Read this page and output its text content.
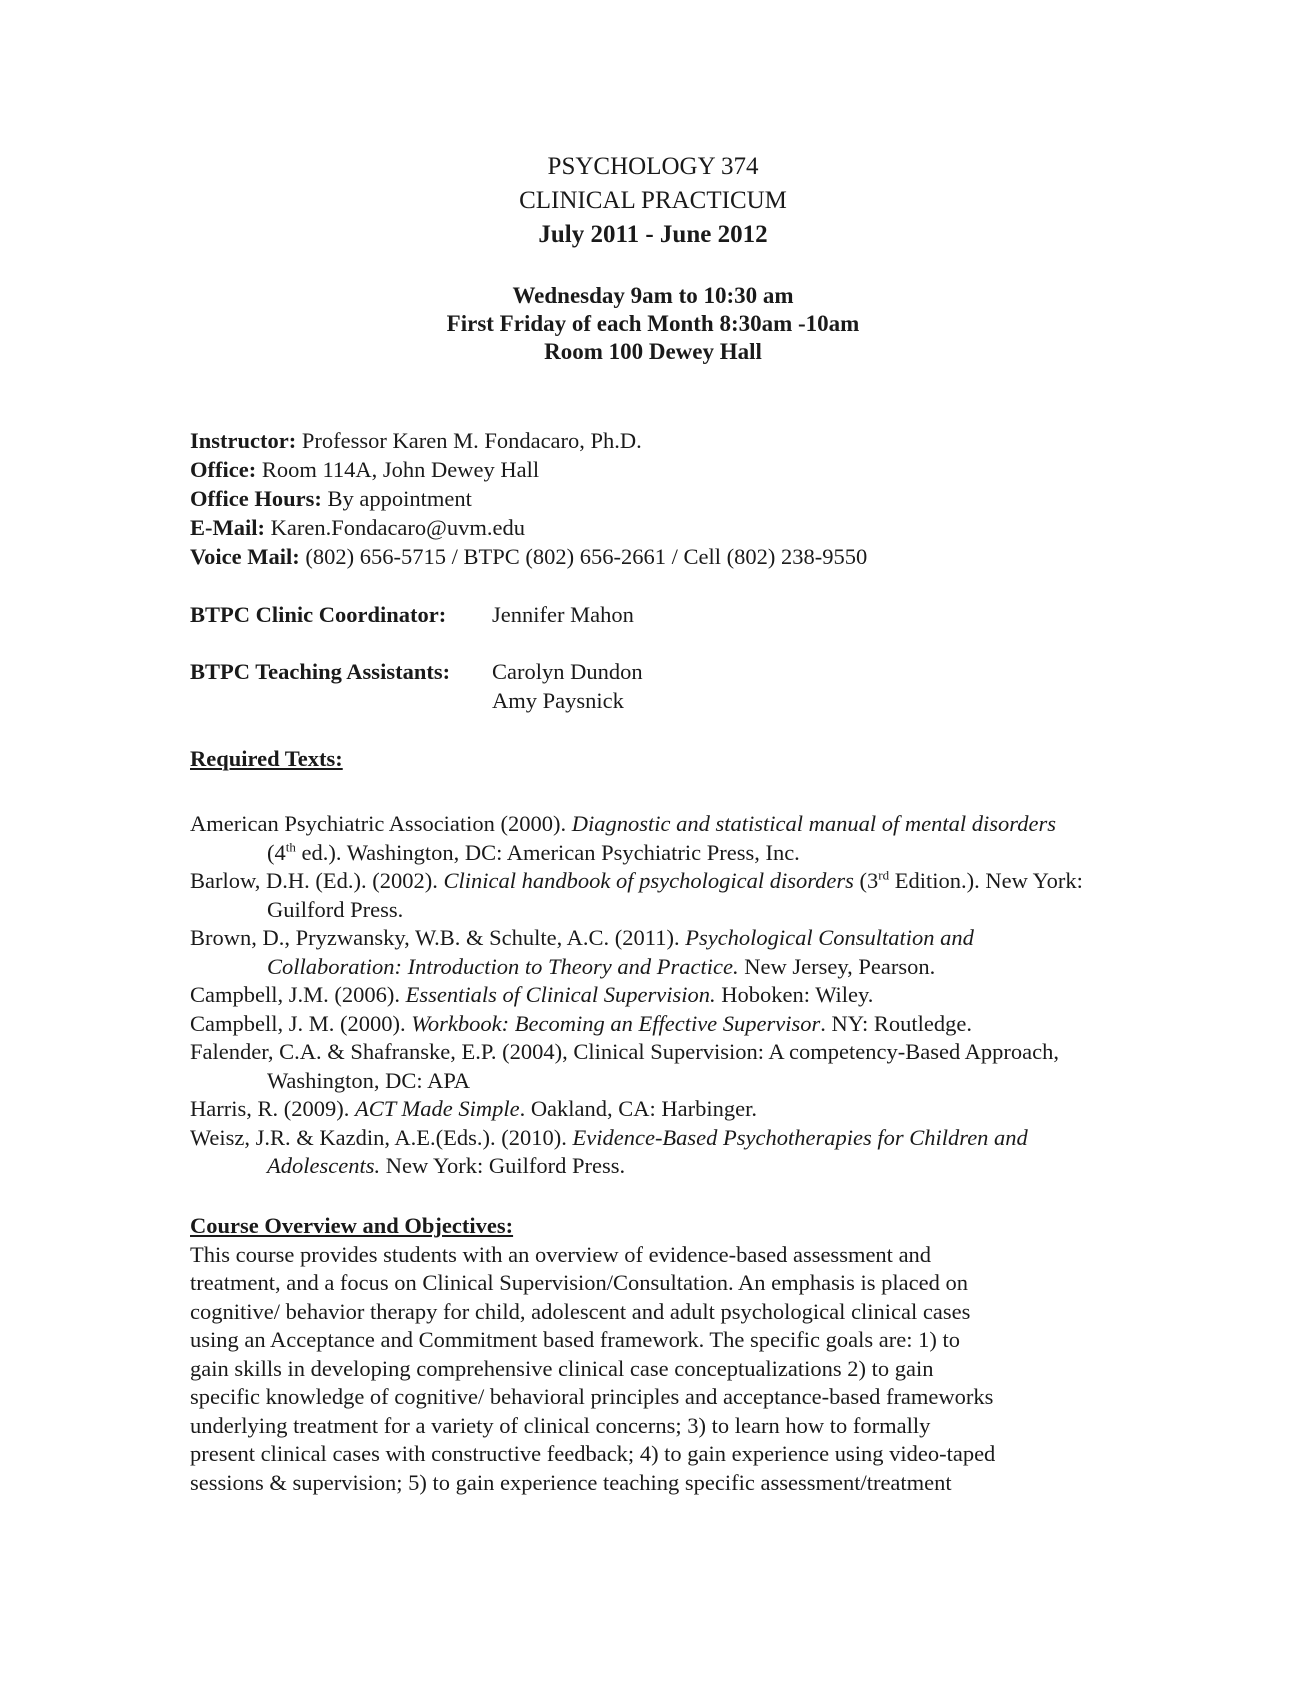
PSYCHOLOGY 374
CLINICAL PRACTICUM
July 2011 - June 2012
Wednesday 9am to 10:30 am
First Friday of each Month 8:30am -10am
Room 100 Dewey Hall
Instructor: Professor Karen M. Fondacaro, Ph.D.
Office: Room 114A, John Dewey Hall
Office Hours: By appointment
E-Mail: Karen.Fondacaro@uvm.edu
Voice Mail: (802) 656-5715 / BTPC (802) 656-2661 / Cell (802) 238-9550
BTPC Clinic Coordinator: Jennifer Mahon
BTPC Teaching Assistants: Carolyn Dundon
Amy Paysnick
Required Texts:
American Psychiatric Association (2000). Diagnostic and statistical manual of mental disorders (4th ed.). Washington, DC: American Psychiatric Press, Inc.
Barlow, D.H. (Ed.). (2002). Clinical handbook of psychological disorders (3rd Edition.). New York: Guilford Press.
Brown, D., Pryzwansky, W.B. & Schulte, A.C. (2011). Psychological Consultation and Collaboration: Introduction to Theory and Practice. New Jersey, Pearson.
Campbell, J.M. (2006). Essentials of Clinical Supervision. Hoboken: Wiley.
Campbell, J. M. (2000). Workbook: Becoming an Effective Supervisor. NY: Routledge.
Falender, C.A. & Shafranske, E.P. (2004), Clinical Supervision: A competency-Based Approach, Washington, DC: APA
Harris, R. (2009). ACT Made Simple. Oakland, CA: Harbinger.
Weisz, J.R. & Kazdin, A.E.(Eds.). (2010). Evidence-Based Psychotherapies for Children and Adolescents. New York: Guilford Press.
Course Overview and Objectives:
This course provides students with an overview of evidence-based assessment and
treatment, and a focus on Clinical Supervision/Consultation. An emphasis is placed on
cognitive/ behavior therapy for child, adolescent and adult psychological clinical cases
using an Acceptance and Commitment based framework. The specific goals are: 1) to
gain skills in developing comprehensive clinical case conceptualizations 2) to gain
specific knowledge of cognitive/ behavioral principles and acceptance-based frameworks
underlying treatment for a variety of clinical concerns; 3) to learn how to formally
present clinical cases with constructive feedback; 4) to gain experience using video-taped
sessions & supervision; 5) to gain experience teaching specific assessment/treatment
